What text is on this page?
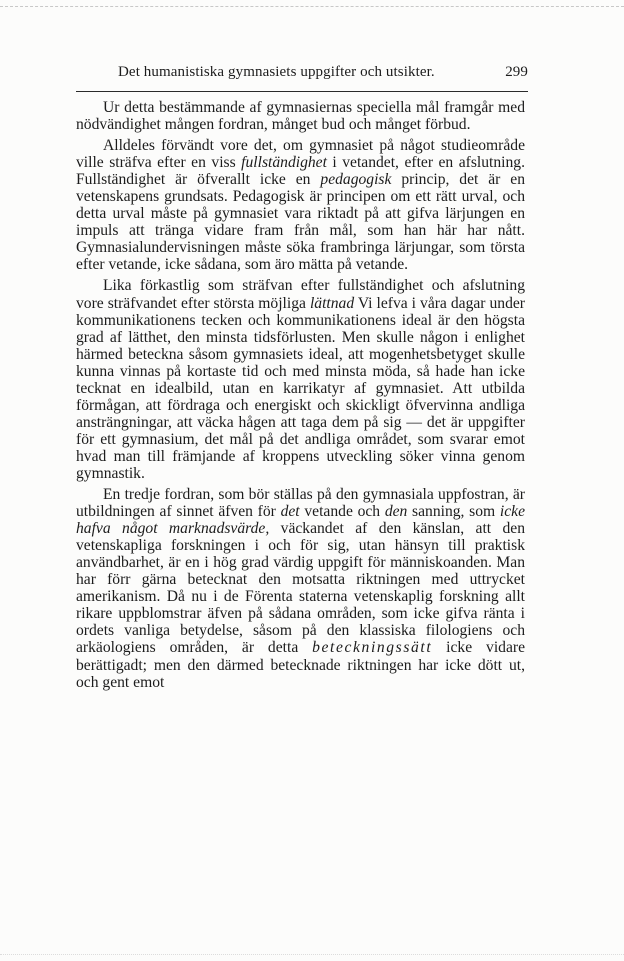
Det humanistiska gymnasiets uppgifter och utsikter.	299

Ur detta bestämmande af gymnasiernas speciella mål framgår med nödvändighet mången fordran, månget bud och månget förbud.

Alldeles förvändt vore det, om gymnasiet på något studieområde ville sträfva efter en viss fullständighet i vetandet, efter en afslutning. Fullständighet är öfverallt icke en pedagogisk princip, det är en vetenskapens grundsats. Pedagogisk är principen om ett rätt urval, och detta urval måste på gymnasiet vara riktadt på att gifva lärjungen en impuls att tränga vidare fram från mål, som han här har nått. Gymnasialundervisningen måste söka frambringa lärjungar, som törsta efter vetande, icke sådana, som äro mätta på vetande.

Lika förkastlig som sträfvan efter fullständighet och afslutning vore sträfvandet efter största möjliga lättnad Vi lefva i våra dagar under kommunikationens tecken och kommunikationens ideal är den högsta grad af lätthet, den minsta tidsförlusten. Men skulle någon i enlighet härmed beteckna såsom gymnasiets ideal, att mogenhetsbetyget skulle kunna vinnas på kortaste tid och med minsta möda, så hade han icke tecknat en idealbild, utan en karrikatyr af gymnasiet. Att utbilda förmågan, att fördraga och energiskt och skickligt öfvervinna andliga ansträngningar, att väcka hågen att taga dem på sig — det är uppgifter för ett gymnasium, det mål på det andliga området, som svarar emot hvad man till främjande af kroppens utveckling söker vinna genom gymnastik.

En tredje fordran, som bör ställas på den gymnasiala uppfostran, är utbildningen af sinnet äfven för det vetande och den sanning, som icke hafva något marknadsvärde, väckandet af den känslan, att den vetenskapliga forskningen i och för sig, utan hänsyn till praktisk användbarhet, är en i hög grad värdig uppgift för människoanden. Man har förr gärna betecknat den motsatta riktningen med uttrycket amerikanism. Då nu i de Förenta staterna vetenskaplig forskning allt rikare uppblomstrar äfven på sådana områden, som icke gifva ränta i ordets vanliga betydelse, såsom på den klassiska filologiens och arkäologiens områden, är detta beteckningssätt icke vidare berättigadt; men den därmed betecknade riktningen har icke dött ut, och gent emot
